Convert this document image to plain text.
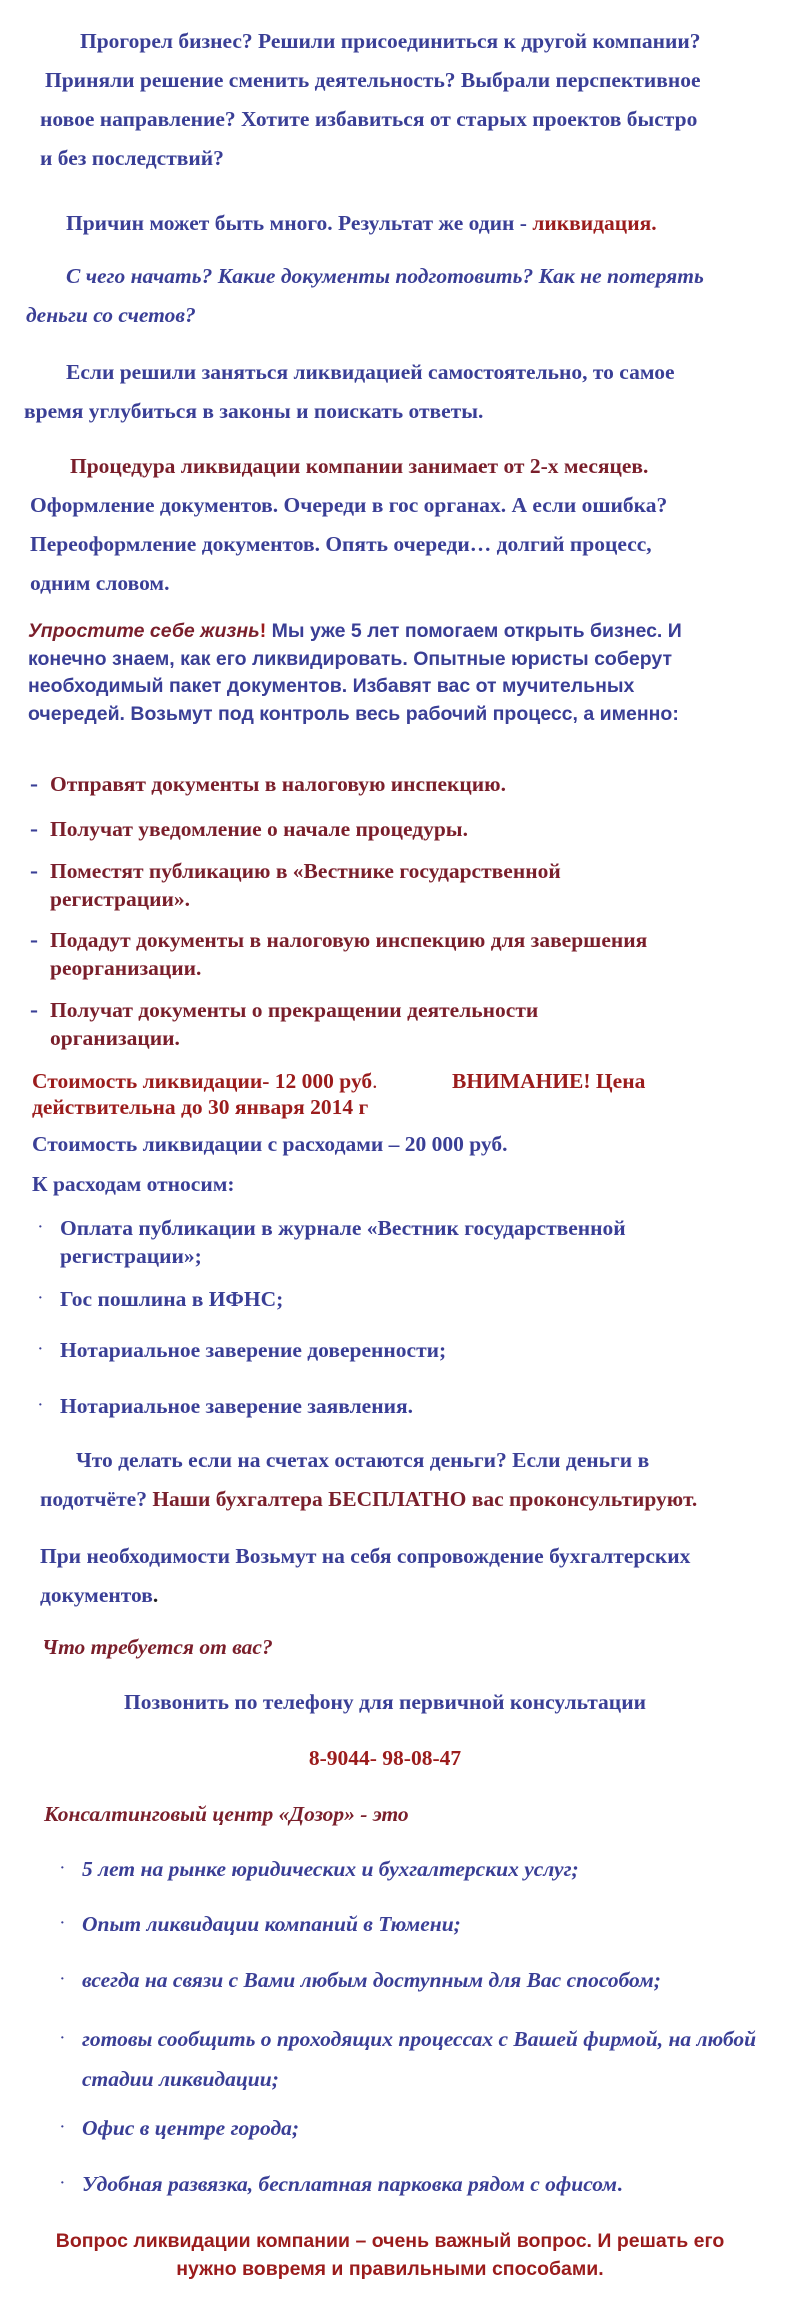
Прогорел бизнес? Решили присоединиться к другой компании?
Приняли решение сменить деятельность? Выбрали перспективное
новое направление? Хотите избавиться от старых проектов быстро
и без последствий?
Причин может быть много. Результат же один - ликвидация.
С чего начать? Какие документы подготовить? Как не потерять
деньги со счетов?
Если решили заняться ликвидацией самостоятельно, то самое
время углубиться в законы и поискать ответы.
Процедура ликвидации компании занимает от 2-х месяцев.
Оформление документов. Очереди в гос органах. А если ошибка?
Переоформление документов. Опять очереди… долгий процесс,
одним словом.
Упростите себе жизнь! Мы уже 5 лет помогаем открыть бизнес. И
конечно знаем, как его ликвидировать. Опытные юристы соберут
необходимый пакет документов. Избавят вас от мучительных
очередей. Возьмут под контроль весь рабочий процесс, а именно:
- Отправят документы в налоговую инспекцию.
- Получат уведомление о начале процедуры.
- Поместят публикацию в «Вестнике государственной регистрации».
- Подадут документы в налоговую инспекцию для завершения реорганизации.
- Получат документы о прекращении деятельности организации.
Стоимость ликвидации- 12 000 руб.	ВНИМАНИЕ! Цена
действительна до 30 января 2014 г
Стоимость ликвидации с расходами – 20 000 руб.
К расходам относим:
· Оплата публикации в журнале «Вестник государственной регистрации»;
· Гос пошлина в ИФНС;
· Нотариальное заверение доверенности;
· Нотариальное заверение заявления.
Что делать если на счетах остаются деньги? Если деньги в
подотчёте? Наши бухгалтера БЕСПЛАТНО вас проконсультируют.
При необходимости Возьмут на себя сопровождение бухгалтерских
документов.
Что требуется от вас?
Позвонить по телефону для первичной консультации
8-9044- 98-08-47
Консалтинговый центр «Дозор» - это
· 5 лет на рынке юридических и бухгалтерских услуг;
· Опыт ликвидации компаний в Тюмени;
· всегда на связи с Вами любым доступным для Вас способом;
· готовы сообщить о проходящих процессах с Вашей фирмой, на любой стадии ликвидации;
· Офис в центре города;
· Удобная развязка, бесплатная парковка рядом с офисом.
Вопрос ликвидации компании – очень важный вопрос. И решать его
нужно вовремя и правильными способами.
